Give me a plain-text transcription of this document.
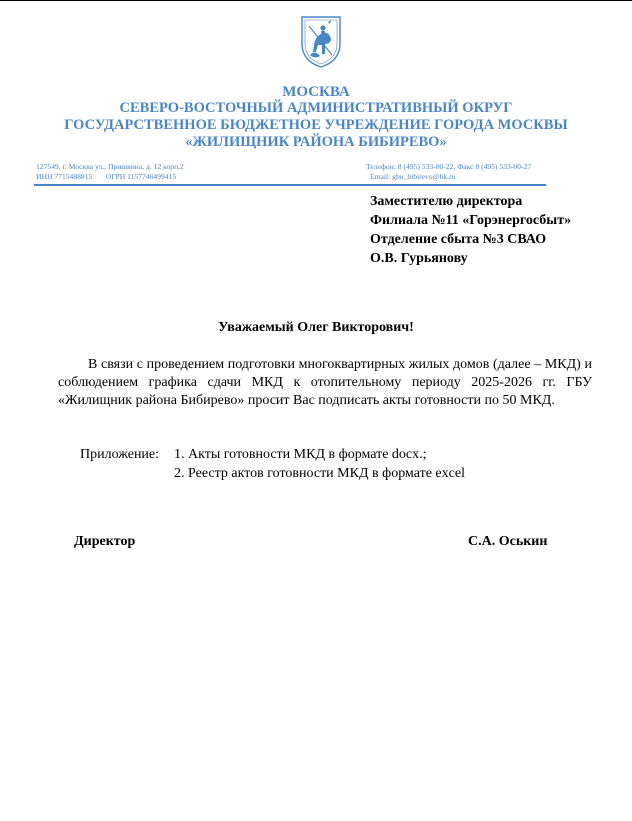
МОСКВА
СЕВЕРО-ВОСТОЧНЫЙ АДМИНИСТРАТИВНЫЙ ОКРУГ
ГОСУДАРСТВЕННОЕ БЮДЖЕТНОЕ УЧРЕЖДЕНИЕ ГОРОДА МОСКВЫ
«ЖИЛИЩНИК РАЙОНА БИБИРЕВО»
127549, г. Москва ул., Пришвина, д. 12 корп.2
ИНН 7715488815       ОГРН 1157746499415
Телефон: 8 (495) 533-00-22, Факс 8 (495) 533-00-27
Email: gbu_bibirevo@bk.ru
Заместителю директора
Филиала №11 «Горэнергосбыт»
Отделение сбыта №3 СВАО
О.В. Гурьянову
Уважаемый Олег Викторович!

В связи с проведением подготовки многоквартирных жилых домов (далее – МКД) и соблюдением графика сдачи МКД к отопительному периоду 2025-2026 гг. ГБУ «Жилищник района Бибирево» просит Вас подписать акты готовности по 50 МКД.

Приложение:	1. Акты готовности МКД в формате docx.;
2. Реестр актов готовности МКД в формате excel
Директор	С.А. Оськин
